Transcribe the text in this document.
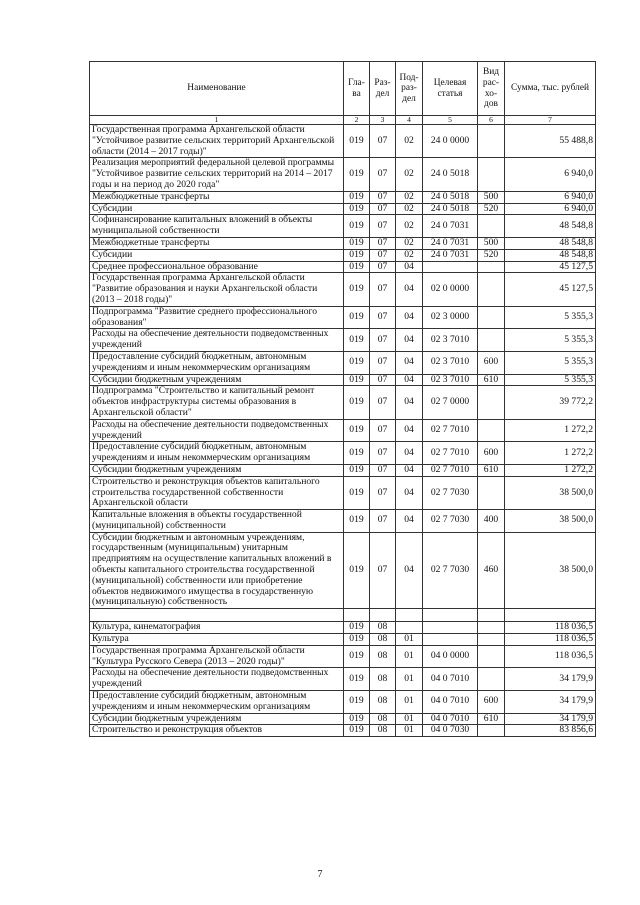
Наименование	Гла-ва	Раз-дел	Под-раз-дел	Целевая статья	Вид рас-хо-дов	Сумма, тыс. рублей
1	2	3	4	5	6	7
Государственная программа Архангельской области "Устойчивое развитие сельских территорий Архангельской области (2014 – 2017 годы)"	019	07	02	24 0 0000		55 488,8
Реализация мероприятий федеральной целевой программы "Устойчивое развитие сельских территорий на 2014 – 2017 годы и на период до 2020 года"	019	07	02	24 0 5018		6 940,0
Межбюджетные трансферты	019	07	02	24 0 5018	500	6 940,0
Субсидии	019	07	02	24 0 5018	520	6 940,0
Софинансирование капитальных вложений в объекты муниципальной собственности	019	07	02	24 0 7031		48 548,8
Межбюджетные трансферты	019	07	02	24 0 7031	500	48 548,8
Субсидии	019	07	02	24 0 7031	520	48 548,8
Среднее профессиональное образование	019	07	04			45 127,5
Государственная программа Архангельской области "Развитие образования и науки Архангельской области (2013 – 2018 годы)"	019	07	04	02 0 0000		45 127,5
Подпрограмма "Развитие среднего профессионального образования"	019	07	04	02 3 0000		5 355,3
Расходы на обеспечение деятельности подведомственных учреждений	019	07	04	02 3 7010		5 355,3
Предоставление субсидий бюджетным, автономным учреждениям и иным некоммерческим организациям	019	07	04	02 3 7010	600	5 355,3
Субсидии бюджетным учреждениям	019	07	04	02 3 7010	610	5 355,3
Подпрограмма "Строительство и капитальный ремонт объектов инфраструктуры системы образования в Архангельской области"	019	07	04	02 7 0000		39 772,2
Расходы на обеспечение деятельности подведомственных учреждений	019	07	04	02 7 7010		1 272,2
Предоставление субсидий бюджетным, автономным учреждениям и иным некоммерческим организациям	019	07	04	02 7 7010	600	1 272,2
Субсидии бюджетным учреждениям	019	07	04	02 7 7010	610	1 272,2
Строительство и реконструкция объектов капитального строительства государственной собственности Архангельской области	019	07	04	02 7 7030		38 500,0
Капитальные вложения в объекты государственной (муниципальной) собственности	019	07	04	02 7 7030	400	38 500,0
Субсидии бюджетным и автономным учреждениям, государственным (муниципальным) унитарным предприятиям на осуществление капитальных вложений в объекты капитального строительства государственной (муниципальной) собственности или приобретение объектов недвижимого имущества в государственную (муниципальную) собственность	019	07	04	02 7 7030	460	38 500,0

Культура, кинематография	019	08				118 036,5
Культура	019	08	01			118 036,5
Государственная программа Архангельской области "Культура Русского Севера (2013 – 2020 годы)"	019	08	01	04 0 0000		118 036,5
Расходы на обеспечение деятельности подведомственных учреждений	019	08	01	04 0 7010		34 179,9
Предоставление субсидий бюджетным, автономным учреждениям и иным некоммерческим организациям	019	08	01	04 0 7010	600	34 179,9
Субсидии бюджетным учреждениям	019	08	01	04 0 7010	610	34 179,9
Строительство и реконструкция объектов	019	08	01	04 0 7030		83 856,6
7
